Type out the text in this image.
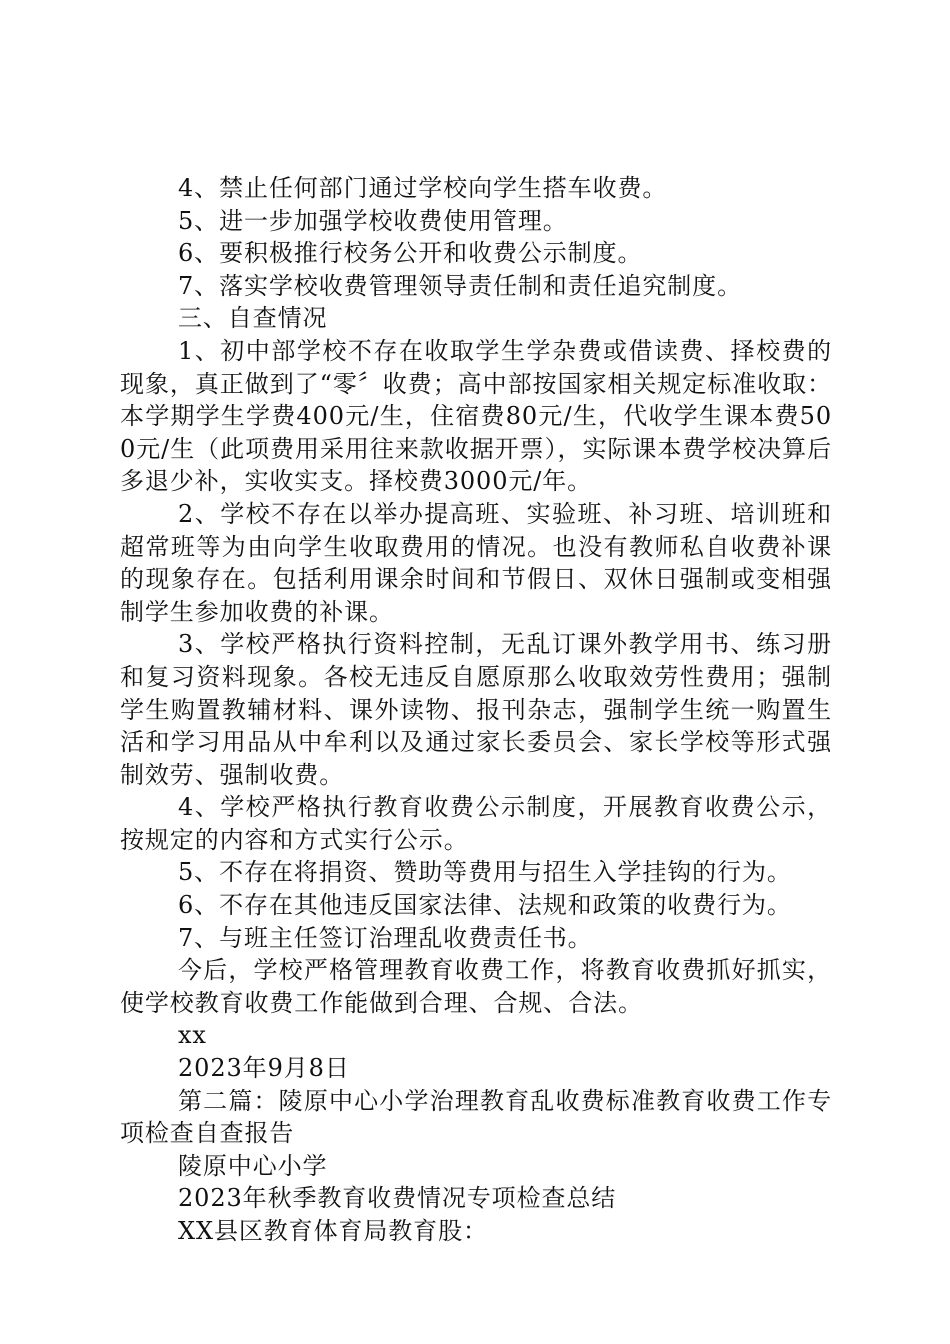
4、禁止任何部门通过学校向学生搭车收费。

5、进一步加强学校收费使用管理。

6、要积极推行校务公开和收费公示制度。

7、落实学校收费管理领导责任制和责任追究制度。

三、自查情况

1、初中部学校不存在收取学生学杂费或借读费、择校费的现象，真正做到了“零〞收费；高中部按国家相关规定标准收取：本学期学生学费400元/生，住宿费80元/生，代收学生课本费500元/生（此项费用采用往来款收据开票），实际课本费学校决算后多退少补，实收实支。择校费3000元/年。

2、学校不存在以举办提高班、实验班、补习班、培训班和超常班等为由向学生收取费用的情况。也没有教师私自收费补课的现象存在。包括利用课余时间和节假日、双休日强制或变相强制学生参加收费的补课。

3、学校严格执行资料控制，无乱订课外教学用书、练习册和复习资料现象。各校无违反自愿原那么收取效劳性费用；强制学生购置教辅材料、课外读物、报刊杂志，强制学生统一购置生活和学习用品从中牟利以及通过家长委员会、家长学校等形式强制效劳、强制收费。

4、学校严格执行教育收费公示制度，开展教育收费公示，按规定的内容和方式实行公示。

5、不存在将捐资、赞助等费用与招生入学挂钩的行为。

6、不存在其他违反国家法律、法规和政策的收费行为。

7、与班主任签订治理乱收费责任书。

今后，学校严格管理教育收费工作，将教育收费抓好抓实，使学校教育收费工作能做到合理、合规、合法。

xx

2023年9月8日

第二篇：陵原中心小学治理教育乱收费标准教育收费工作专项检查自查报告

陵原中心小学

2023年秋季教育收费情况专项检查总结

XX县区教育体育局教育股：
